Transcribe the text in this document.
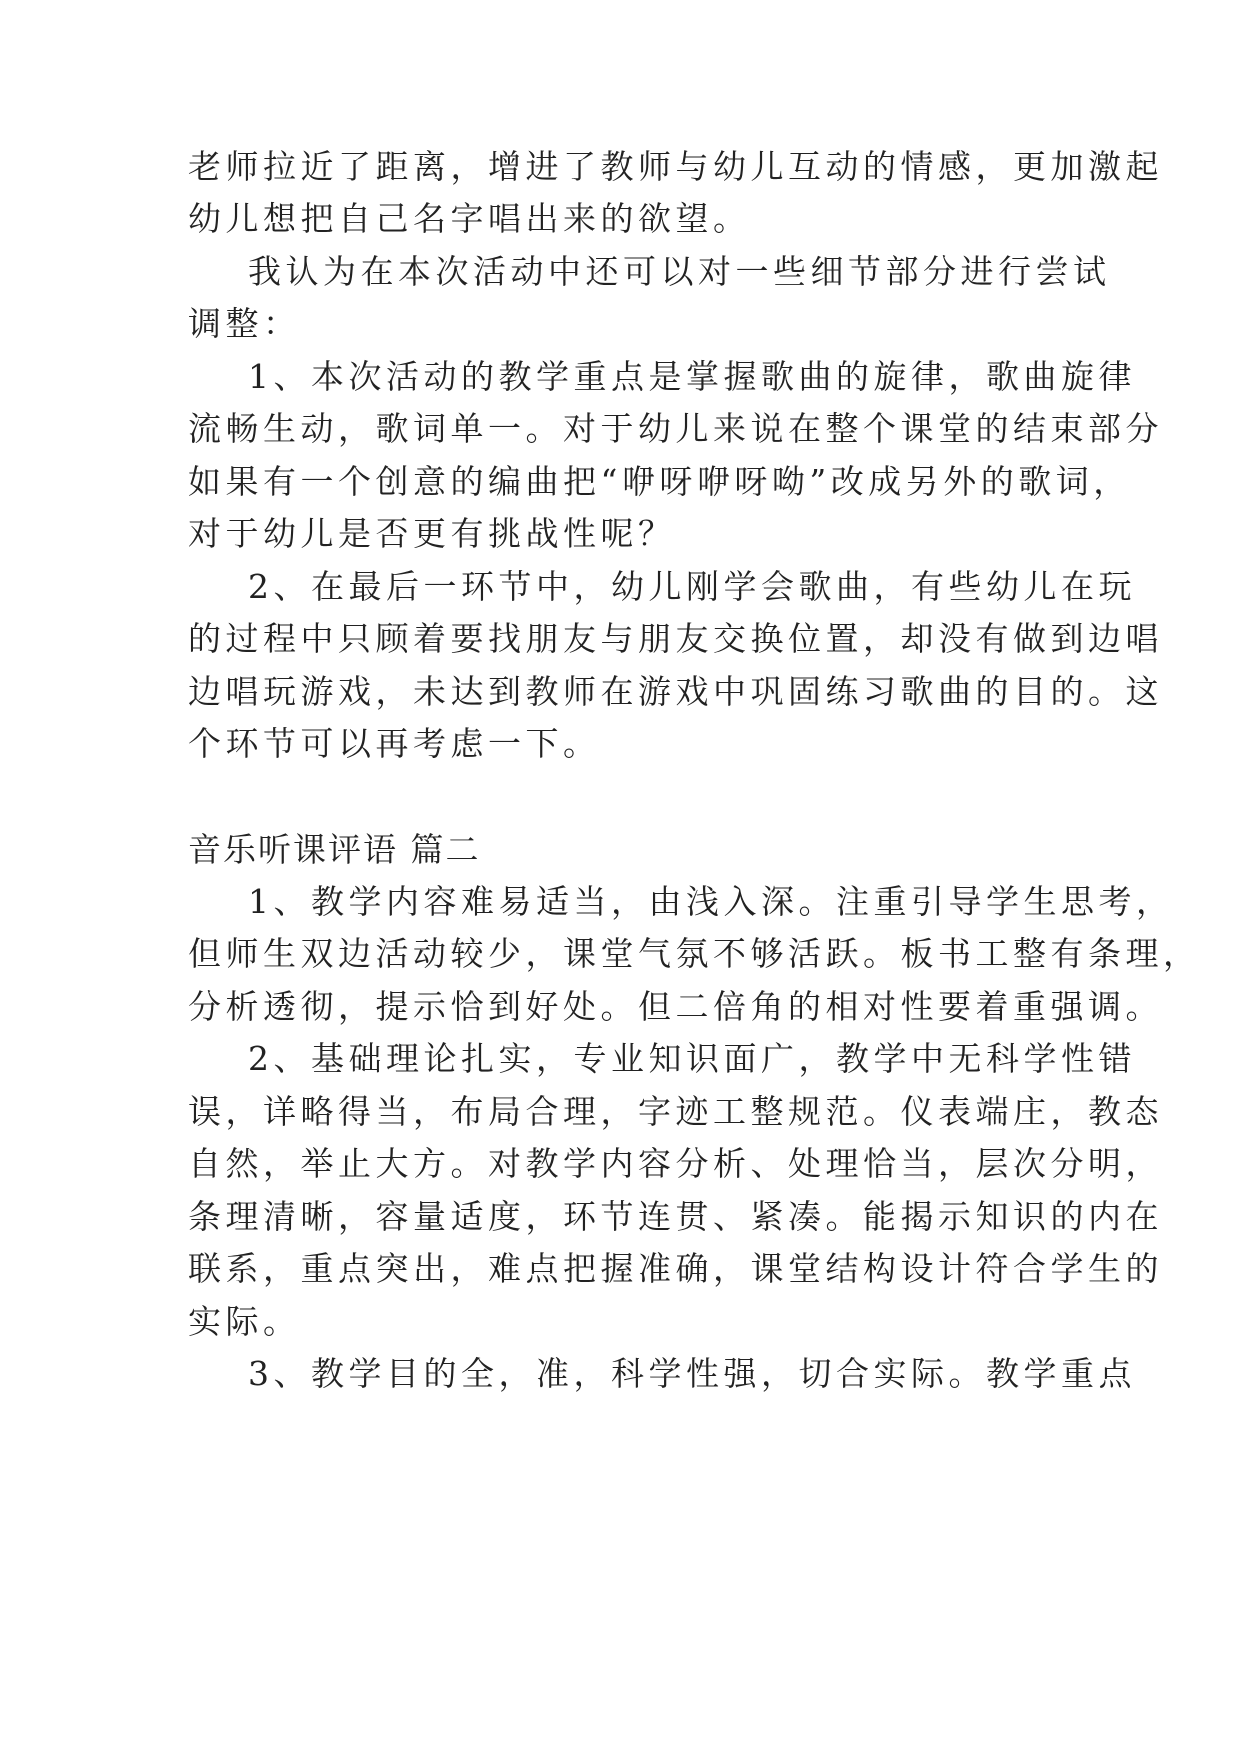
老师拉近了距离，增进了教师与幼儿互动的情感，更加激起
幼儿想把自己名字唱出来的欲望。
我认为在本次活动中还可以对一些细节部分进行尝试
调整：
1、本次活动的教学重点是掌握歌曲的旋律，歌曲旋律
流畅生动，歌词单一。对于幼儿来说在整个课堂的结束部分
如果有一个创意的编曲把“咿呀咿呀呦”改成另外的歌词，
对于幼儿是否更有挑战性呢？
2、在最后一环节中，幼儿刚学会歌曲，有些幼儿在玩
的过程中只顾着要找朋友与朋友交换位置，却没有做到边唱
边唱玩游戏，未达到教师在游戏中巩固练习歌曲的目的。这
个环节可以再考虑一下。
音乐听课评语 篇二
1、教学内容难易适当，由浅入深。注重引导学生思考，
但师生双边活动较少，课堂气氛不够活跃。板书工整有条理，
分析透彻，提示恰到好处。但二倍角的相对性要着重强调。
2、基础理论扎实，专业知识面广，教学中无科学性错
误，详略得当，布局合理，字迹工整规范。仪表端庄，教态
自然，举止大方。对教学内容分析、处理恰当，层次分明，
条理清晰，容量适度，环节连贯、紧凑。能揭示知识的内在
联系，重点突出，难点把握准确，课堂结构设计符合学生的
实际。
3、教学目的全，准，科学性强，切合实际。教学重点
